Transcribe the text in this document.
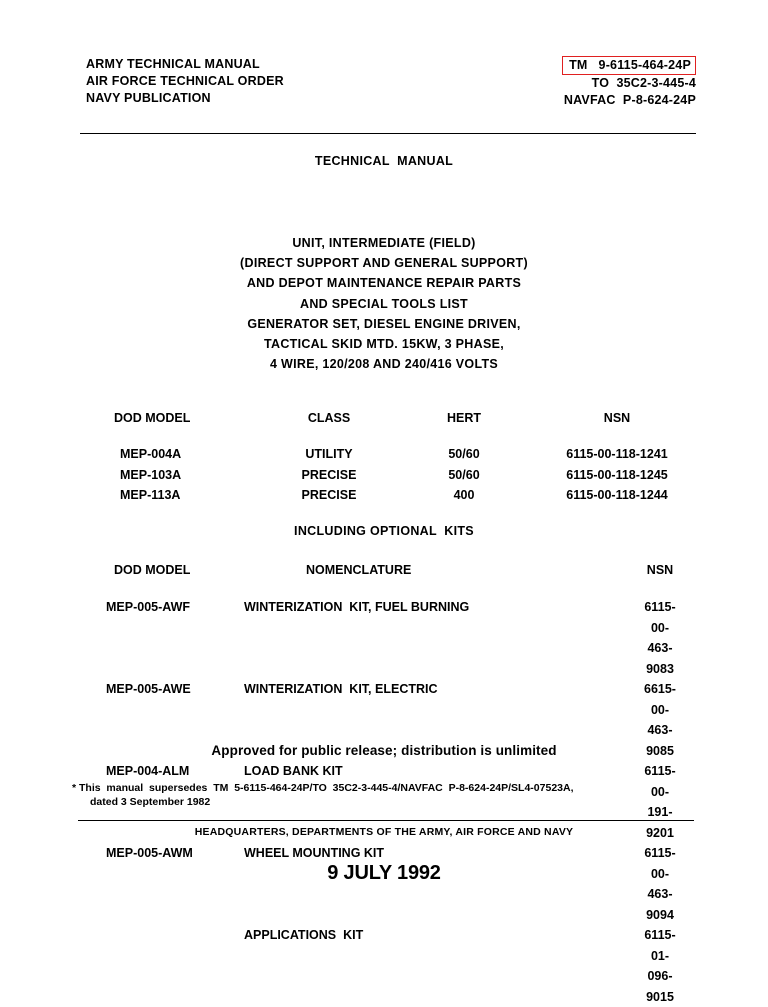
ARMY TECHNICAL MANUAL
AIR FORCE TECHNICAL ORDER
NAVY PUBLICATION
TM   9-6115-464-24P
TO  35C2-3-445-4
NAVFAC  P-8-624-24P
TECHNICAL  MANUAL
UNIT, INTERMEDIATE (FIELD)
(DIRECT SUPPORT AND GENERAL SUPPORT)
AND DEPOT MAINTENANCE REPAIR PARTS
AND SPECIAL TOOLS LIST
GENERATOR SET, DIESEL ENGINE DRIVEN,
TACTICAL SKID MTD. 15KW, 3 PHASE,
4 WIRE, 120/208 AND 240/416 VOLTS
DOD MODEL	CLASS	HERT	NSN
MEP-004A	UTILITY	50/60	6115-00-118-1241
MEP-103A	PRECISE	50/60	6115-00-118-1245
MEP-113A	PRECISE	400	6115-00-118-1244
INCLUDING OPTIONAL  KITS
DOD MODEL	NOMENCLATURE	NSN
MEP-005-AWF	WINTERIZATION  KIT, FUEL BURNING	6115-00-463-9083
MEP-005-AWE	WINTERIZATION  KIT, ELECTRIC	6615-00-463-9085
MEP-004-ALM	LOAD BANK KIT	6115-00-191-9201
MEP-005-AWM	WHEEL MOUNTING KIT	6115-00-463-9094
	APPLICATIONS  KIT	6115-01-096-9015
Approved for public release; distribution is unlimited
* This  manual  supersedes  TM  5-6115-464-24P/TO  35C2-3-445-4/NAVFAC  P-8-624-24P/SL4-07523A,
dated 3 September 1982
HEADQUARTERS, DEPARTMENTS OF THE ARMY, AIR FORCE AND NAVY
9 JULY 1992
